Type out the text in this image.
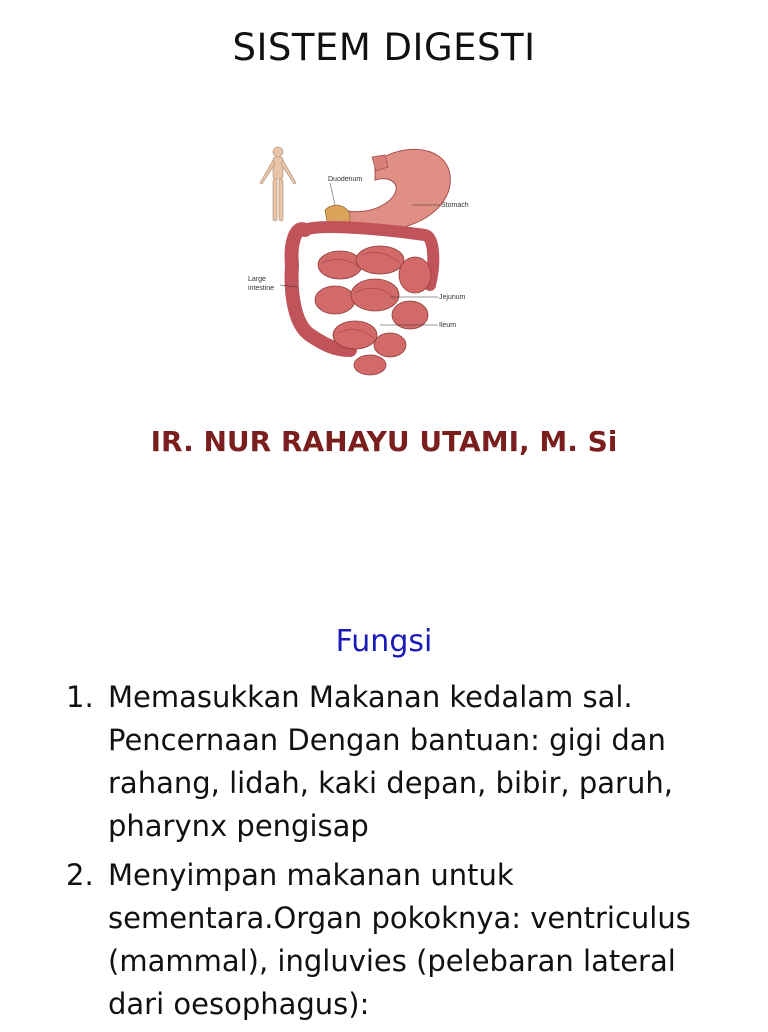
SISTEM DIGESTI
Duodenum
Stomach
Large
intestine
Jejunum
Ileum
IR. NUR RAHAYU UTAMI, M. Si
Fungsi
1. Memasukkan Makanan kedalam sal. Pencernaan Dengan bantuan: gigi dan rahang, lidah, kaki depan, bibir, paruh, pharynx pengisap
2. Menyimpan makanan untuk sementara.Organ pokoknya: ventriculus (mammal), ingluvies (pelebaran lateral dari oesophagus):
